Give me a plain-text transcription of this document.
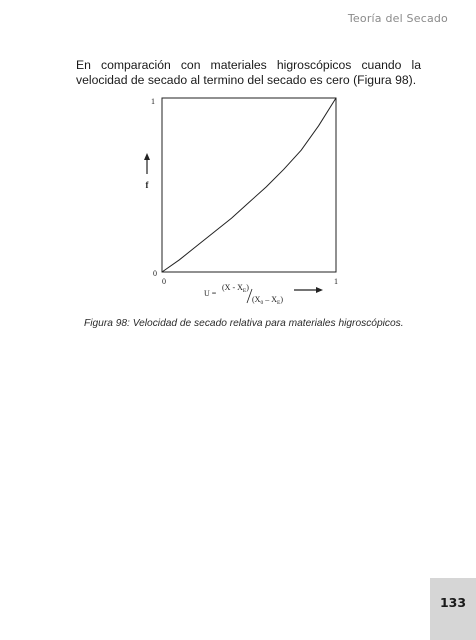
Teoría del Secado

En comparación con materiales higroscópicos cuando la velocidad de secado al termino del secado es cero (Figura 98).

1
0
0	1
f
U =
$(X - X_E)$
$(X_0 - X_E)$

Figura 98: Velocidad de secado relativa para materiales higroscópicos.

133
